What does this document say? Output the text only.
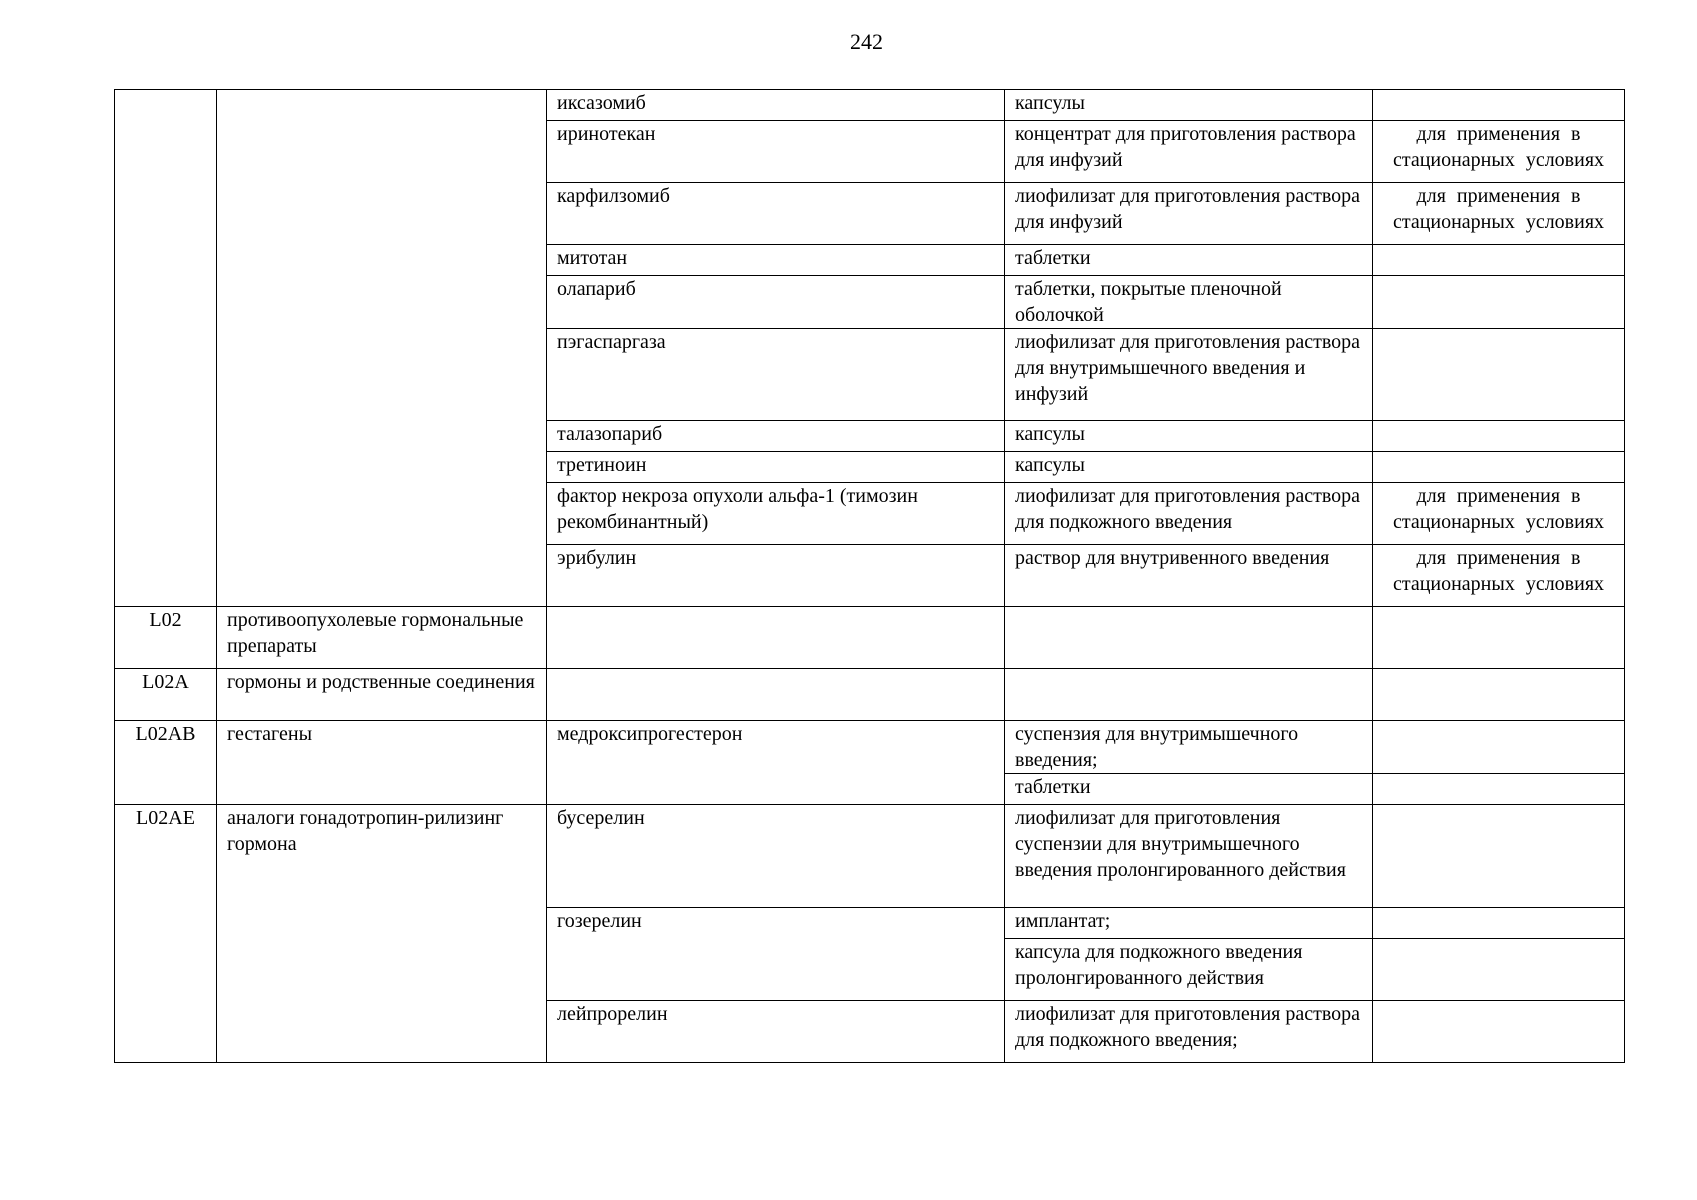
242
		иксазомиб	капсулы	
		иринотекан	концентрат для приготовления раствора для инфузий	для применения в стационарных условиях
		карфилзомиб	лиофилизат для приготовления раствора для инфузий	для применения в стационарных условиях
		митотан	таблетки	
		олапариб	таблетки, покрытые пленочной оболочкой	
		пэгаспаргаза	лиофилизат для приготовления раствора для внутримышечного введения и инфузий	
		талазопариб	капсулы	
		третиноин	капсулы	
		фактор некроза опухоли альфа-1 (тимозин рекомбинантный)	лиофилизат для приготовления раствора для подкожного введения	для применения в стационарных условиях
		эрибулин	раствор для внутривенного введения	для применения в стационарных условиях
L02	противоопухолевые гормональные препараты			
L02A	гормоны и родственные соединения			
L02AB	гестагены	медроксипрогестерон	суспензия для внутримышечного введения;	
			таблетки	
L02AE	аналоги гонадотропин-рилизинг гормона	бусерелин	лиофилизат для приготовления суспензии для внутримышечного введения пролонгированного действия	
		гозерелин	имплантат;	
			капсула для подкожного введения пролонгированного действия	
		лейпрорелин	лиофилизат для приготовления раствора для подкожного введения;	
